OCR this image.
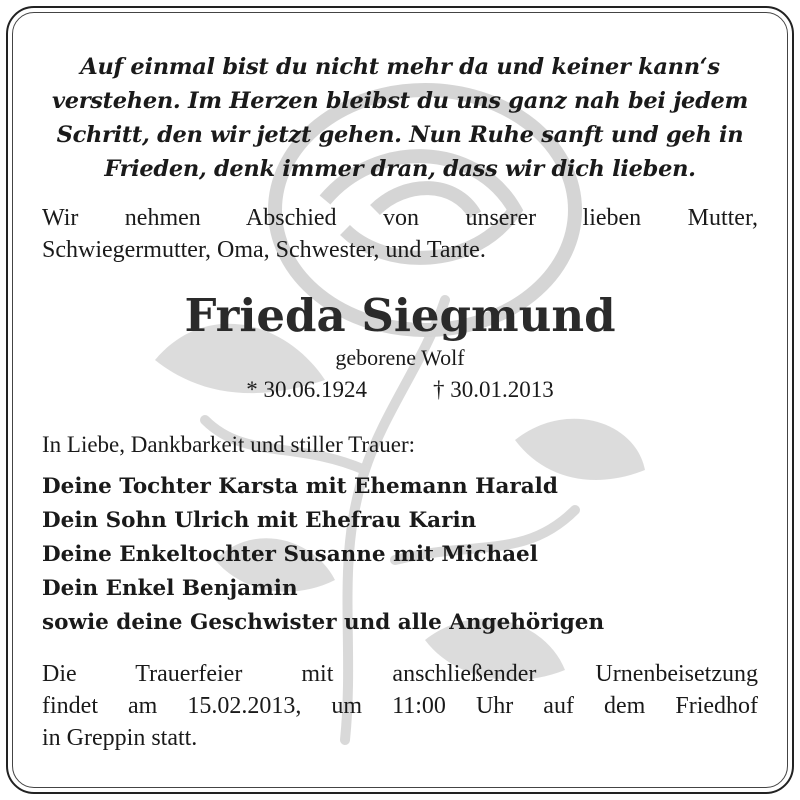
Auf einmal bist du nicht mehr da und keiner kann‘s
verstehen. Im Herzen bleibst du uns ganz nah bei jedem
Schritt, den wir jetzt gehen. Nun Ruhe sanft und geh in
Frieden, denk immer dran, dass wir dich lieben.
Wir nehmen Abschied von unserer lieben Mutter,
Schwiegermutter, Oma, Schwester, und Tante.
Frieda Siegmund
geborene Wolf
* 30.06.1924	† 30.01.2013
In Liebe, Dankbarkeit und stiller Trauer:
Deine Tochter Karsta mit Ehemann Harald
Dein Sohn Ulrich mit Ehefrau Karin
Deine Enkeltochter Susanne mit Michael
Dein Enkel Benjamin
sowie deine Geschwister und alle Angehörigen
Die Trauerfeier mit anschließender Urnenbeisetzung
findet am 15.02.2013, um 11:00 Uhr auf dem Friedhof
in Greppin statt.
